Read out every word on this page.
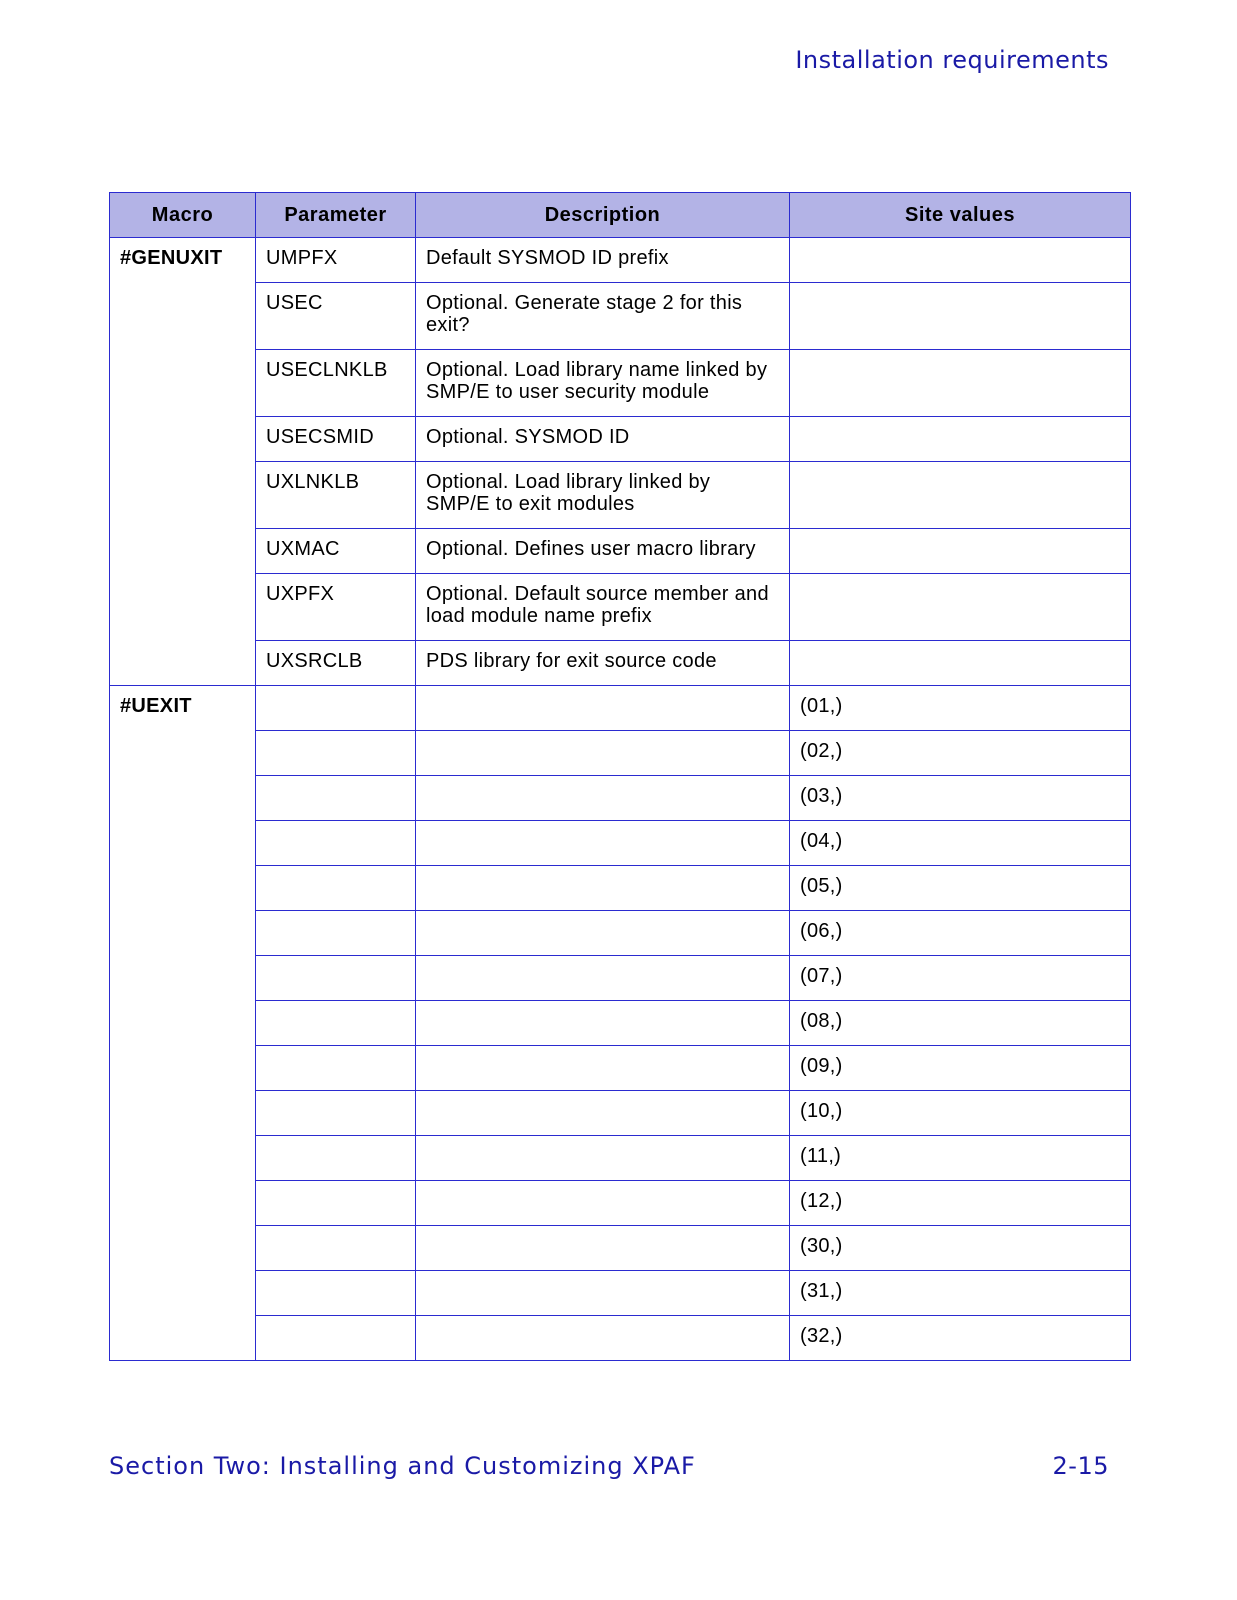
Installation requirements
Macro	Parameter	Description	Site values
#GENUXIT	UMPFX	Default SYSMOD ID prefix	
	USEC	Optional. Generate stage 2 for this exit?	
	USECLNKLB	Optional. Load library name linked by SMP/E to user security module	
	USECSMID	Optional. SYSMOD ID	
	UXLNKLB	Optional. Load library linked by SMP/E to exit modules	
	UXMAC	Optional. Defines user macro library	
	UXPFX	Optional. Default source member and load module name prefix	
	UXSRCLB	PDS library for exit source code	
#UEXIT			(01,)
			(02,)
			(03,)
			(04,)
			(05,)
			(06,)
			(07,)
			(08,)
			(09,)
			(10,)
			(11,)
			(12,)
			(30,)
			(31,)
			(32,)
Section Two: Installing and Customizing XPAF	2-15
